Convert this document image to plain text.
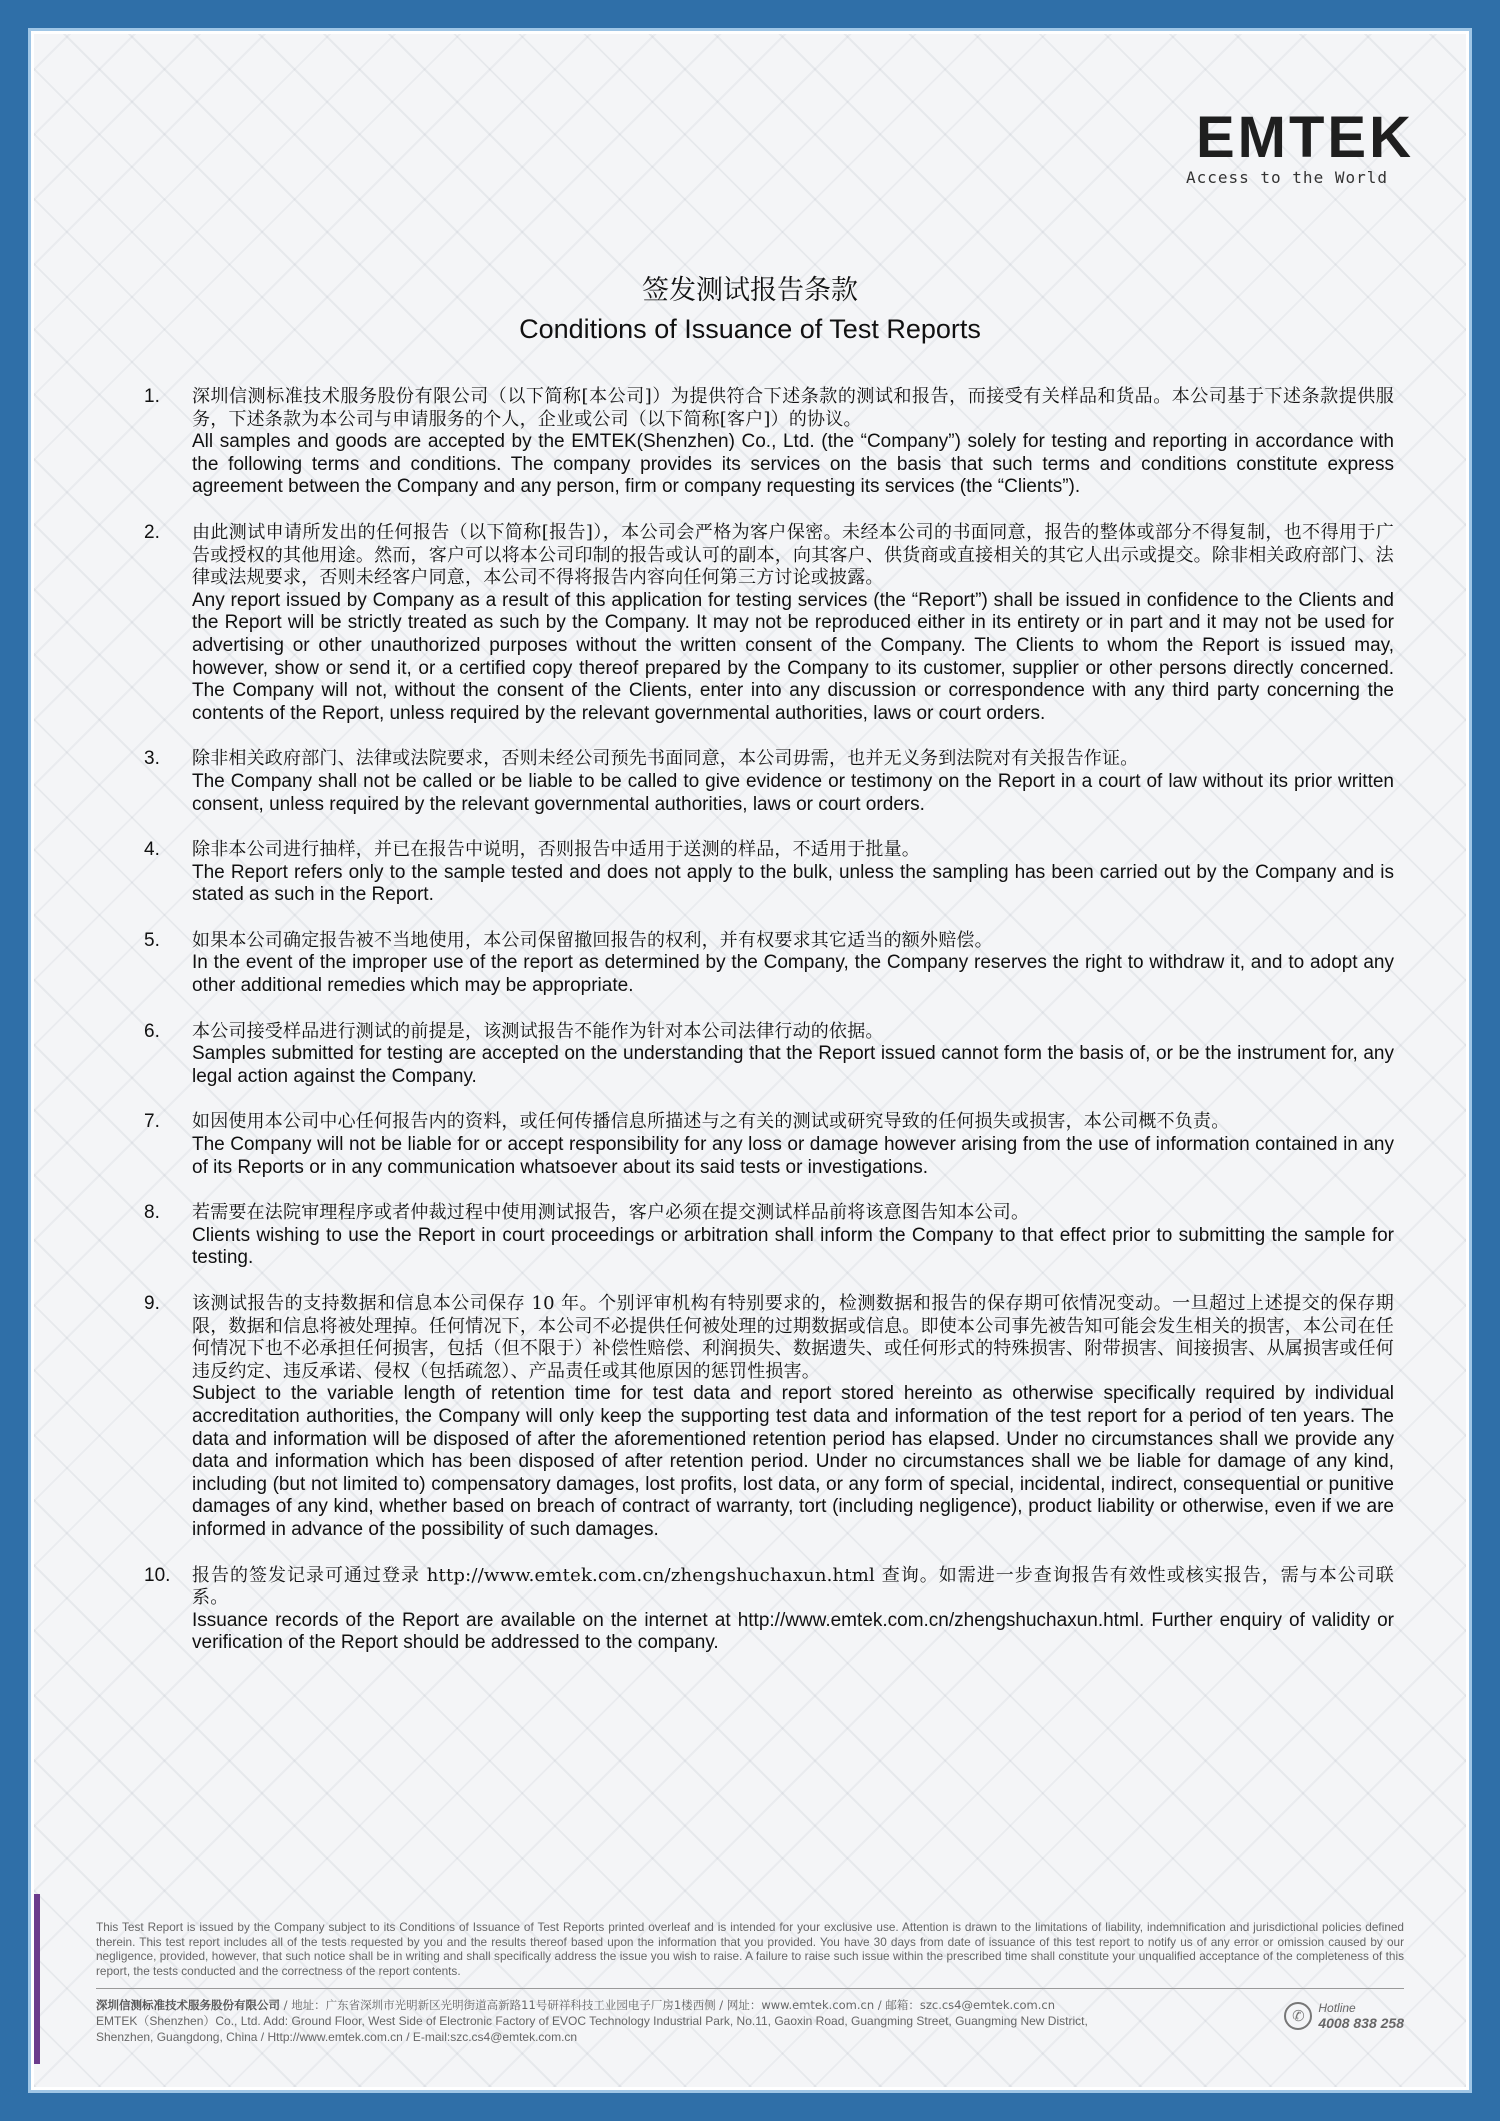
EMTEK
Access to the World
签发测试报告条款
Conditions of Issuance of Test Reports
1.	深圳信测标准技术服务股份有限公司（以下简称[本公司]）为提供符合下述条款的测试和报告，而接受有关样品和货品。本公司基于下述条款提供服务，下述条款为本公司与申请服务的个人，企业或公司（以下简称[客户]）的协议。
All samples and goods are accepted by the EMTEK(Shenzhen) Co., Ltd. (the “Company”) solely for testing and reporting in accordance with the following terms and conditions. The company provides its services on the basis that such terms and conditions constitute express agreement between the Company and any person, firm or company requesting its services (the “Clients”).
2.	由此测试申请所发出的任何报告（以下简称[报告]），本公司会严格为客户保密。未经本公司的书面同意，报告的整体或部分不得复制，也不得用于广告或授权的其他用途。然而，客户可以将本公司印制的报告或认可的副本，向其客户、供货商或直接相关的其它人出示或提交。除非相关政府部门、法律或法规要求，否则未经客户同意，本公司不得将报告内容向任何第三方讨论或披露。
Any report issued by Company as a result of this application for testing services (the “Report”) shall be issued in confidence to the Clients and the Report will be strictly treated as such by the Company. It may not be reproduced either in its entirety or in part and it may not be used for advertising or other unauthorized purposes without the written consent of the Company. The Clients to whom the Report is issued may, however, show or send it, or a certified copy thereof prepared by the Company to its customer, supplier or other persons directly concerned. The Company will not, without the consent of the Clients, enter into any discussion or correspondence with any third party concerning the contents of the Report, unless required by the relevant governmental authorities, laws or court orders.
3.	除非相关政府部门、法律或法院要求，否则未经公司预先书面同意，本公司毋需，也并无义务到法院对有关报告作证。
The Company shall not be called or be liable to be called to give evidence or testimony on the Report in a court of law without its prior written consent, unless required by the relevant governmental authorities, laws or court orders.
4.	除非本公司进行抽样，并已在报告中说明，否则报告中适用于送测的样品，不适用于批量。
The Report refers only to the sample tested and does not apply to the bulk, unless the sampling has been carried out by the Company and is stated as such in the Report.
5.	如果本公司确定报告被不当地使用，本公司保留撤回报告的权利，并有权要求其它适当的额外赔偿。
In the event of the improper use of the report as determined by the Company, the Company reserves the right to withdraw it, and to adopt any other additional remedies which may be appropriate.
6.	本公司接受样品进行测试的前提是，该测试报告不能作为针对本公司法律行动的依据。
Samples submitted for testing are accepted on the understanding that the Report issued cannot form the basis of, or be the instrument for, any legal action against the Company.
7.	如因使用本公司中心任何报告内的资料，或任何传播信息所描述与之有关的测试或研究导致的任何损失或损害，本公司概不负责。
The Company will not be liable for or accept responsibility for any loss or damage however arising from the use of information contained in any of its Reports or in any communication whatsoever about its said tests or investigations.
8.	若需要在法院审理程序或者仲裁过程中使用测试报告，客户必须在提交测试样品前将该意图告知本公司。
Clients wishing to use the Report in court proceedings or arbitration shall inform the Company to that effect prior to submitting the sample for testing.
9.	该测试报告的支持数据和信息本公司保存 10 年。个别评审机构有特别要求的，检测数据和报告的保存期可依情况变动。一旦超过上述提交的保存期限，数据和信息将被处理掉。任何情况下，本公司不必提供任何被处理的过期数据或信息。即使本公司事先被告知可能会发生相关的损害，本公司在任何情况下也不必承担任何损害，包括（但不限于）补偿性赔偿、利润损失、数据遗失、或任何形式的特殊损害、附带损害、间接损害、从属损害或任何违反约定、违反承诺、侵权（包括疏忽）、产品责任或其他原因的惩罚性损害。
Subject to the variable length of retention time for test data and report stored hereinto as otherwise specifically required by individual accreditation authorities, the Company will only keep the supporting test data and information of the test report for a period of ten years. The data and information will be disposed of after the aforementioned retention period has elapsed. Under no circumstances shall we provide any data and information which has been disposed of after retention period. Under no circumstances shall we be liable for damage of any kind, including (but not limited to) compensatory damages, lost profits, lost data, or any form of special, incidental, indirect, consequential or punitive damages of any kind, whether based on breach of contract of warranty, tort (including negligence), product liability or otherwise, even if we are informed in advance of the possibility of such damages.
10.	报告的签发记录可通过登录 http://www.emtek.com.cn/zhengshuchaxun.html 查询。如需进一步查询报告有效性或核实报告，需与本公司联系。
Issuance records of the Report are available on the internet at http://www.emtek.com.cn/zhengshuchaxun.html. Further enquiry of validity or verification of the Report should be addressed to the company.
This Test Report is issued by the Company subject to its Conditions of Issuance of Test Reports printed overleaf and is intended for your exclusive use. Attention is drawn to the limitations of liability, indemnification and jurisdictional policies defined therein. This test report includes all of the tests requested by you and the results thereof based upon the information that you provided. You have 30 days from date of issuance of this test report to notify us of any error or omission caused by our negligence, provided, however, that such notice shall be in writing and shall specifically address the issue you wish to raise. A failure to raise such issue within the prescribed time shall constitute your unqualified acceptance of the completeness of this report, the tests conducted and the correctness of the report contents.
深圳信测标准技术服务股份有限公司 / 地址：广东省深圳市光明新区光明街道高新路11号研祥科技工业园电子厂房1楼西侧 / 网址：www.emtek.com.cn / 邮箱：szc.cs4@emtek.com.cn
EMTEK（Shenzhen）Co., Ltd. Add: Ground Floor, West Side of Electronic Factory of EVOC Technology Industrial Park, No.11, Gaoxin Road, Guangming Street, Guangming New District,
Shenzhen, Guangdong, China / Http://www.emtek.com.cn / E-mail:szc.cs4@emtek.com.cn
✆	Hotline
4008 838 258
